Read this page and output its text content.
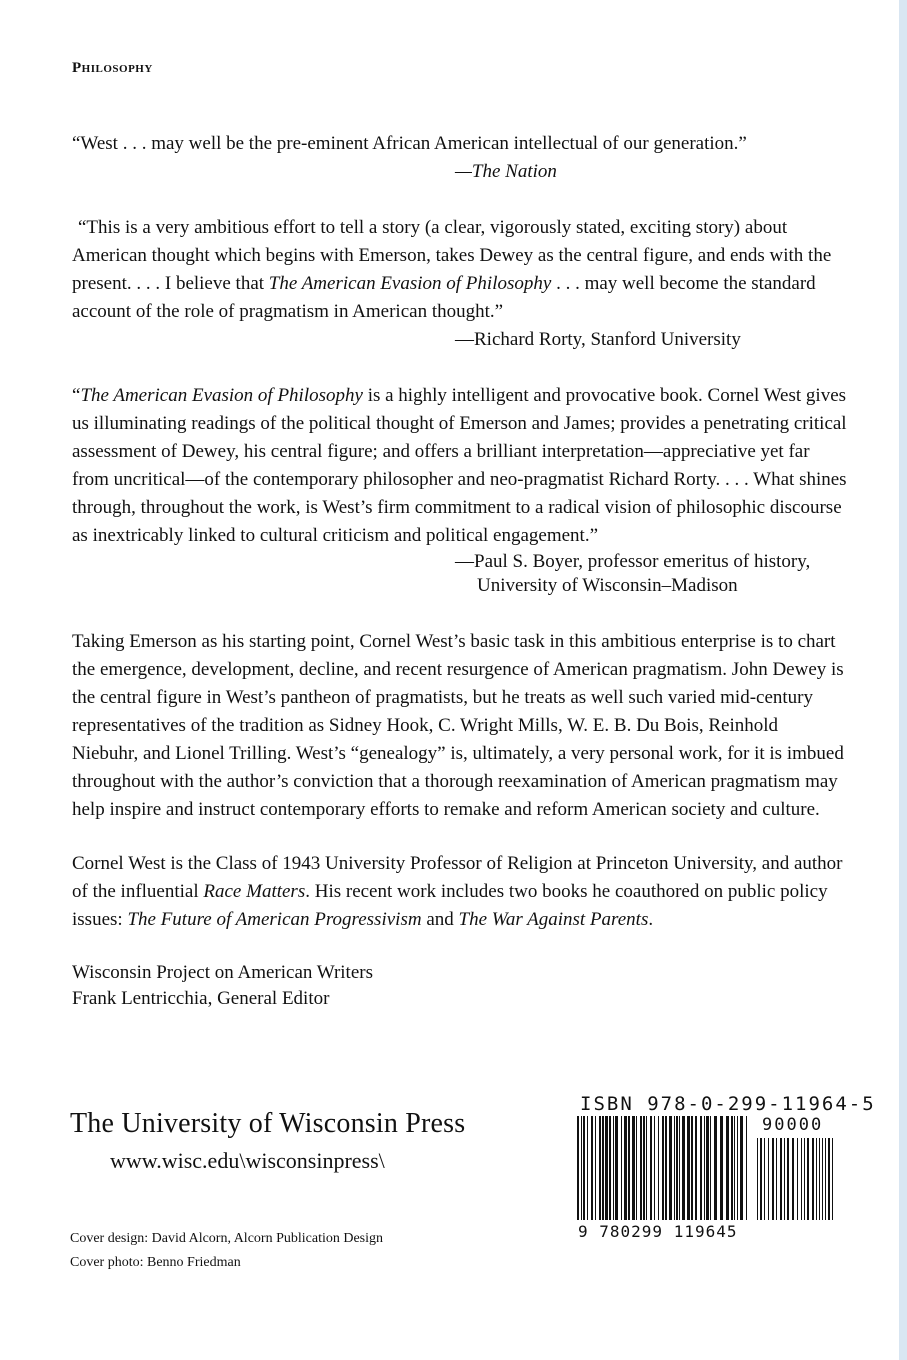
Philosophy

“West . . . may well be the pre-eminent African American intellectual of our generation.”

—The Nation

“This is a very ambitious effort to tell a story (a clear, vigorously stated, exciting story) about American thought which begins with Emerson, takes Dewey as the central figure, and ends with the present. . . . I believe that The American Evasion of Philosophy . . . may well become the standard account of the role of pragmatism in American thought.”

—Richard Rorty, Stanford University

“The American Evasion of Philosophy is a highly intelligent and provocative book. Cornel West gives us illuminating readings of the political thought of Emerson and James; provides a penetrating critical assessment of Dewey, his central figure; and offers a brilliant interpretation—appreciative yet far from uncritical—of the contemporary philosopher and neo-pragmatist Richard Rorty. . . . What shines through, throughout the work, is West’s firm commitment to a radical vision of philosophic discourse as inextricably linked to cultural criticism and political engagement.”

—Paul S. Boyer, professor emeritus of history,
University of Wisconsin–Madison

Taking Emerson as his starting point, Cornel West’s basic task in this ambitious enterprise is to chart the emergence, development, decline, and recent resurgence of American pragmatism. John Dewey is the central figure in West’s pantheon of pragmatists, but he treats as well such varied mid-century representatives of the tradition as Sidney Hook, C. Wright Mills, W. E. B. Du Bois, Reinhold Niebuhr, and Lionel Trilling. West’s “genealogy” is, ultimately, a very personal work, for it is imbued throughout with the author’s conviction that a thorough reexamination of American pragmatism may help inspire and instruct contemporary efforts to remake and reform American society and culture.

Cornel West is the Class of 1943 University Professor of Religion at Princeton University, and author of the influential Race Matters. His recent work includes two books he coauthored on public policy issues: The Future of American Progressivism and The War Against Parents.

Wisconsin Project on American Writers
Frank Lentricchia, General Editor
The University of Wisconsin Press
www.wisc.edu\wisconsinpress\
Cover design: David Alcorn, Alcorn Publication Design
Cover photo: Benno Friedman
ISBN 978-0-299-11964-5
90000
9 780299 119645
